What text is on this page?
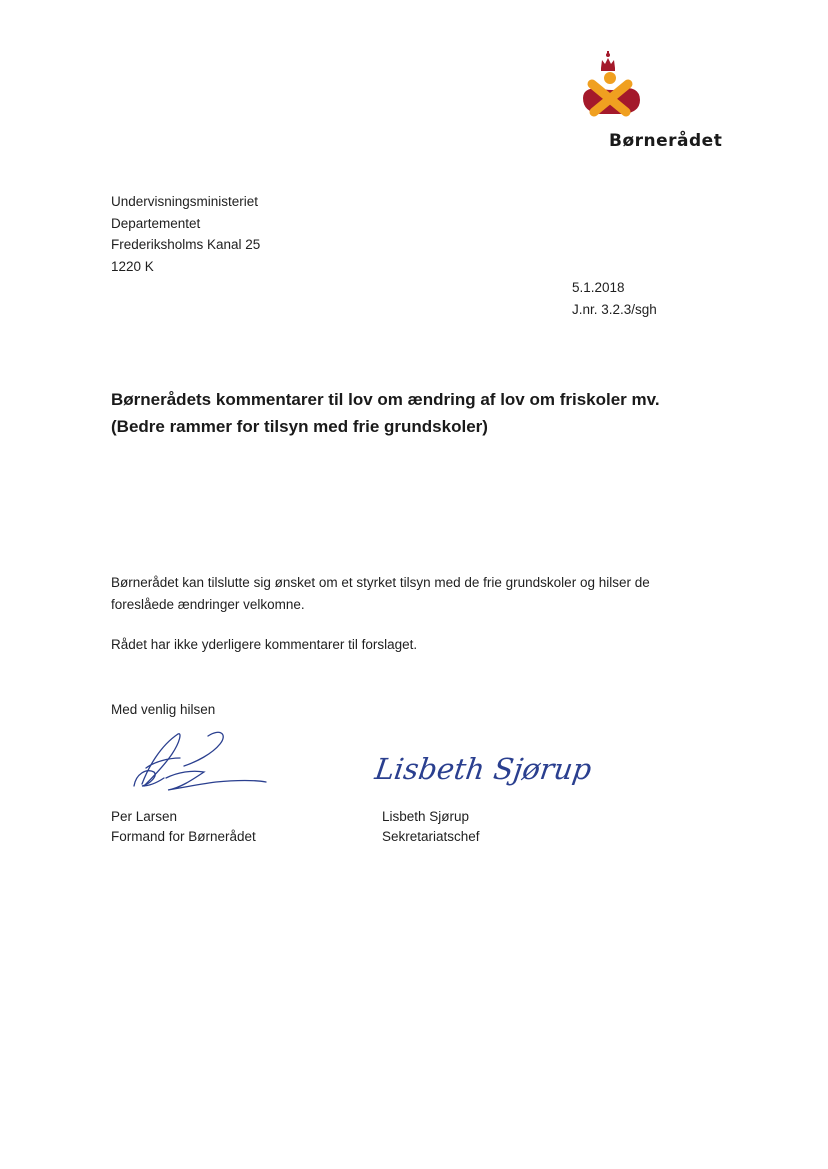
Børnerådet
Undervisningsministeriet
Departementet
Frederiksholms Kanal 25
1220 K
5.1.2018
J.nr. 3.2.3/sgh
Børnerådets kommentarer til lov om ændring af lov om friskoler mv.
(Bedre rammer for tilsyn med frie grundskoler)

Børnerådet kan tilslutte sig ønsket om et styrket tilsyn med de frie grundskoler og hilser de
foreslåede ændringer velkomne.

Rådet har ikke yderligere kommentarer til forslaget.

Med venlig hilsen
Lisbeth Sjørup
Per Larsen
Formand for Børnerådet
Lisbeth Sjørup
Sekretariatschef
